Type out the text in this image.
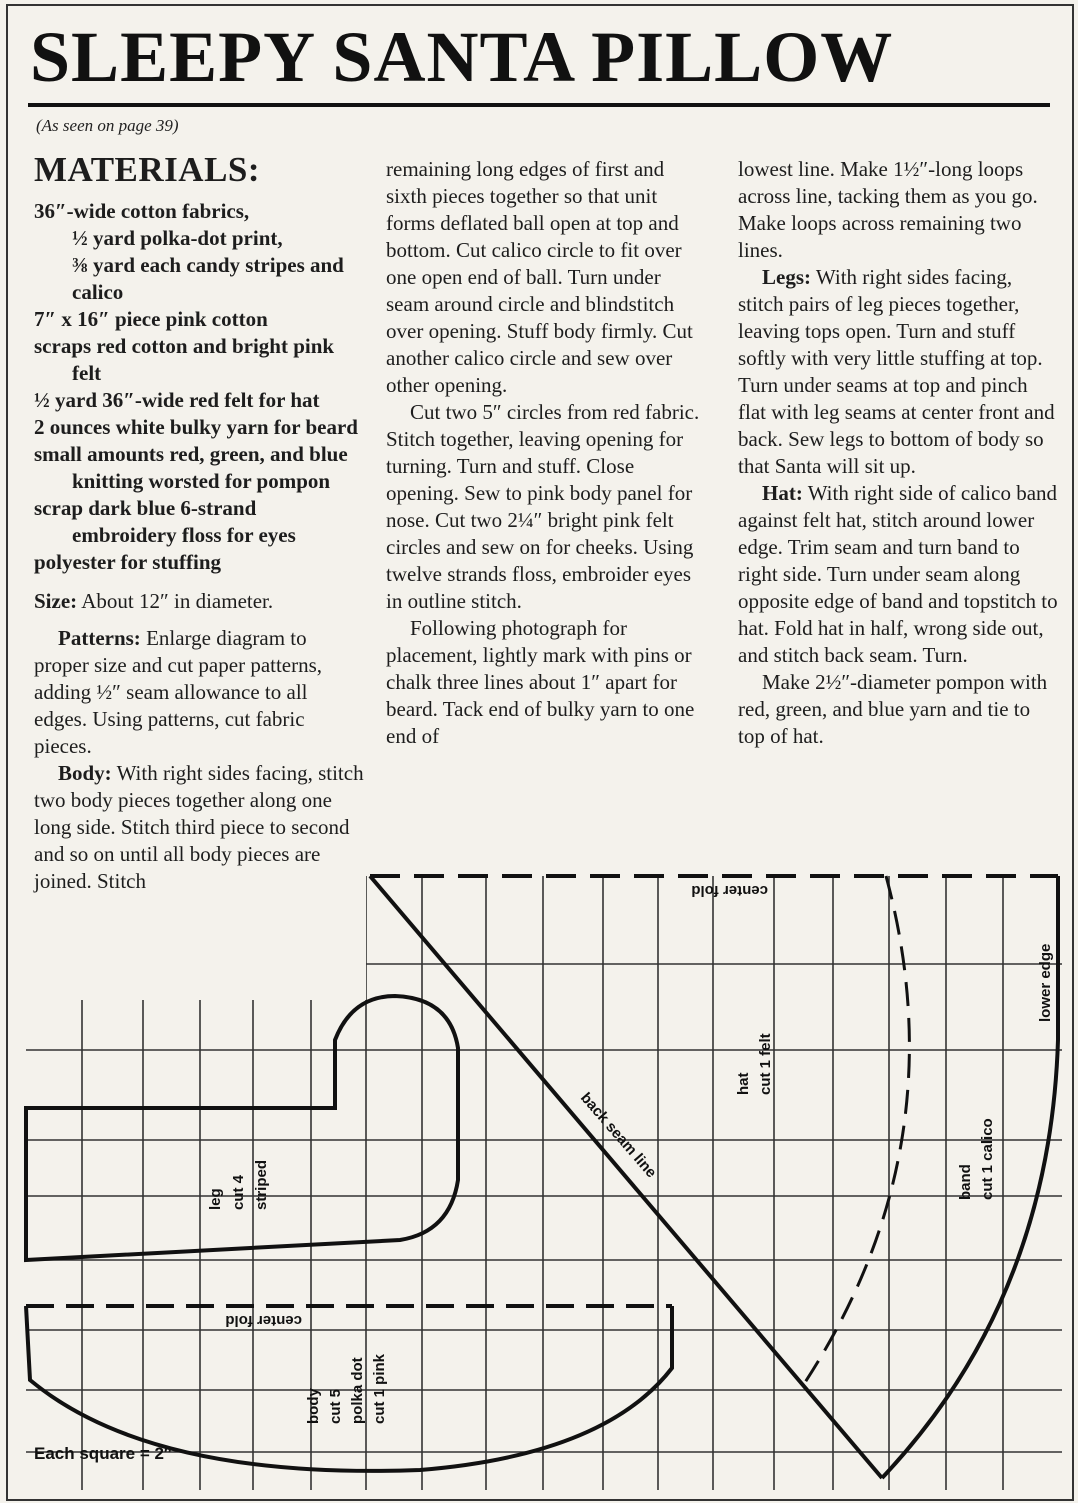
SLEEPY SANTA PILLOW
(As seen on page 39)
MATERIALS:

36″-wide cotton fabrics,

½ yard polka-dot print,

⅜ yard each candy stripes and calico

7″ x 16″ piece pink cotton

scraps red cotton and bright pink felt

½ yard 36″-wide red felt for hat

2 ounces white bulky yarn for beard

small amounts red, green, and blue knitting worsted for pompon

scrap dark blue 6-strand embroidery floss for eyes

polyester for stuffing

Size: About 12″ in diameter.

Patterns: Enlarge diagram to proper size and cut paper patterns, adding ½″ seam allowance to all edges. Using patterns, cut fabric pieces.

Body: With right sides facing, stitch two body pieces together along one long side. Stitch third piece to second and so on until all body pieces are joined. Stitch

remaining long edges of first and sixth pieces together so that unit forms deflated ball open at top and bottom. Cut calico circle to fit over one open end of ball. Turn under seam around circle and blindstitch over opening. Stuff body firmly. Cut another calico circle and sew over other opening.

Cut two 5″ circles from red fabric. Stitch together, leaving opening for turning. Turn and stuff. Close opening. Sew to pink body panel for nose. Cut two 2¼″ bright pink felt circles and sew on for cheeks. Using twelve strands floss, embroider eyes in outline stitch.

Following photograph for placement, lightly mark with pins or chalk three lines about 1″ apart for beard. Tack end of bulky yarn to one end of

lowest line. Make 1½″-long loops across line, tacking them as you go. Make loops across remaining two lines.

Legs: With right sides facing, stitch pairs of leg pieces together, leaving tops open. Turn and stuff softly with very little stuffing at top. Turn under seams at top and pinch flat with leg seams at center front and back. Sew legs to bottom of body so that Santa will sit up.

Hat: With right side of calico band against felt hat, stitch around lower edge. Trim seam and turn band to right side. Turn under seam along opposite edge of band and topstitch to hat. Fold hat in half, wrong side out, and stitch back seam. Turn.

Make 2½″-diameter pompon with red, green, and blue yarn and tie to top of hat.

leg cut 4 striped
body cut 5 polka dot cut 1 pink
center fold
center fold
back seam line
hat cut 1 felt
band cut 1 calico
lower edge
Each square = 2″
